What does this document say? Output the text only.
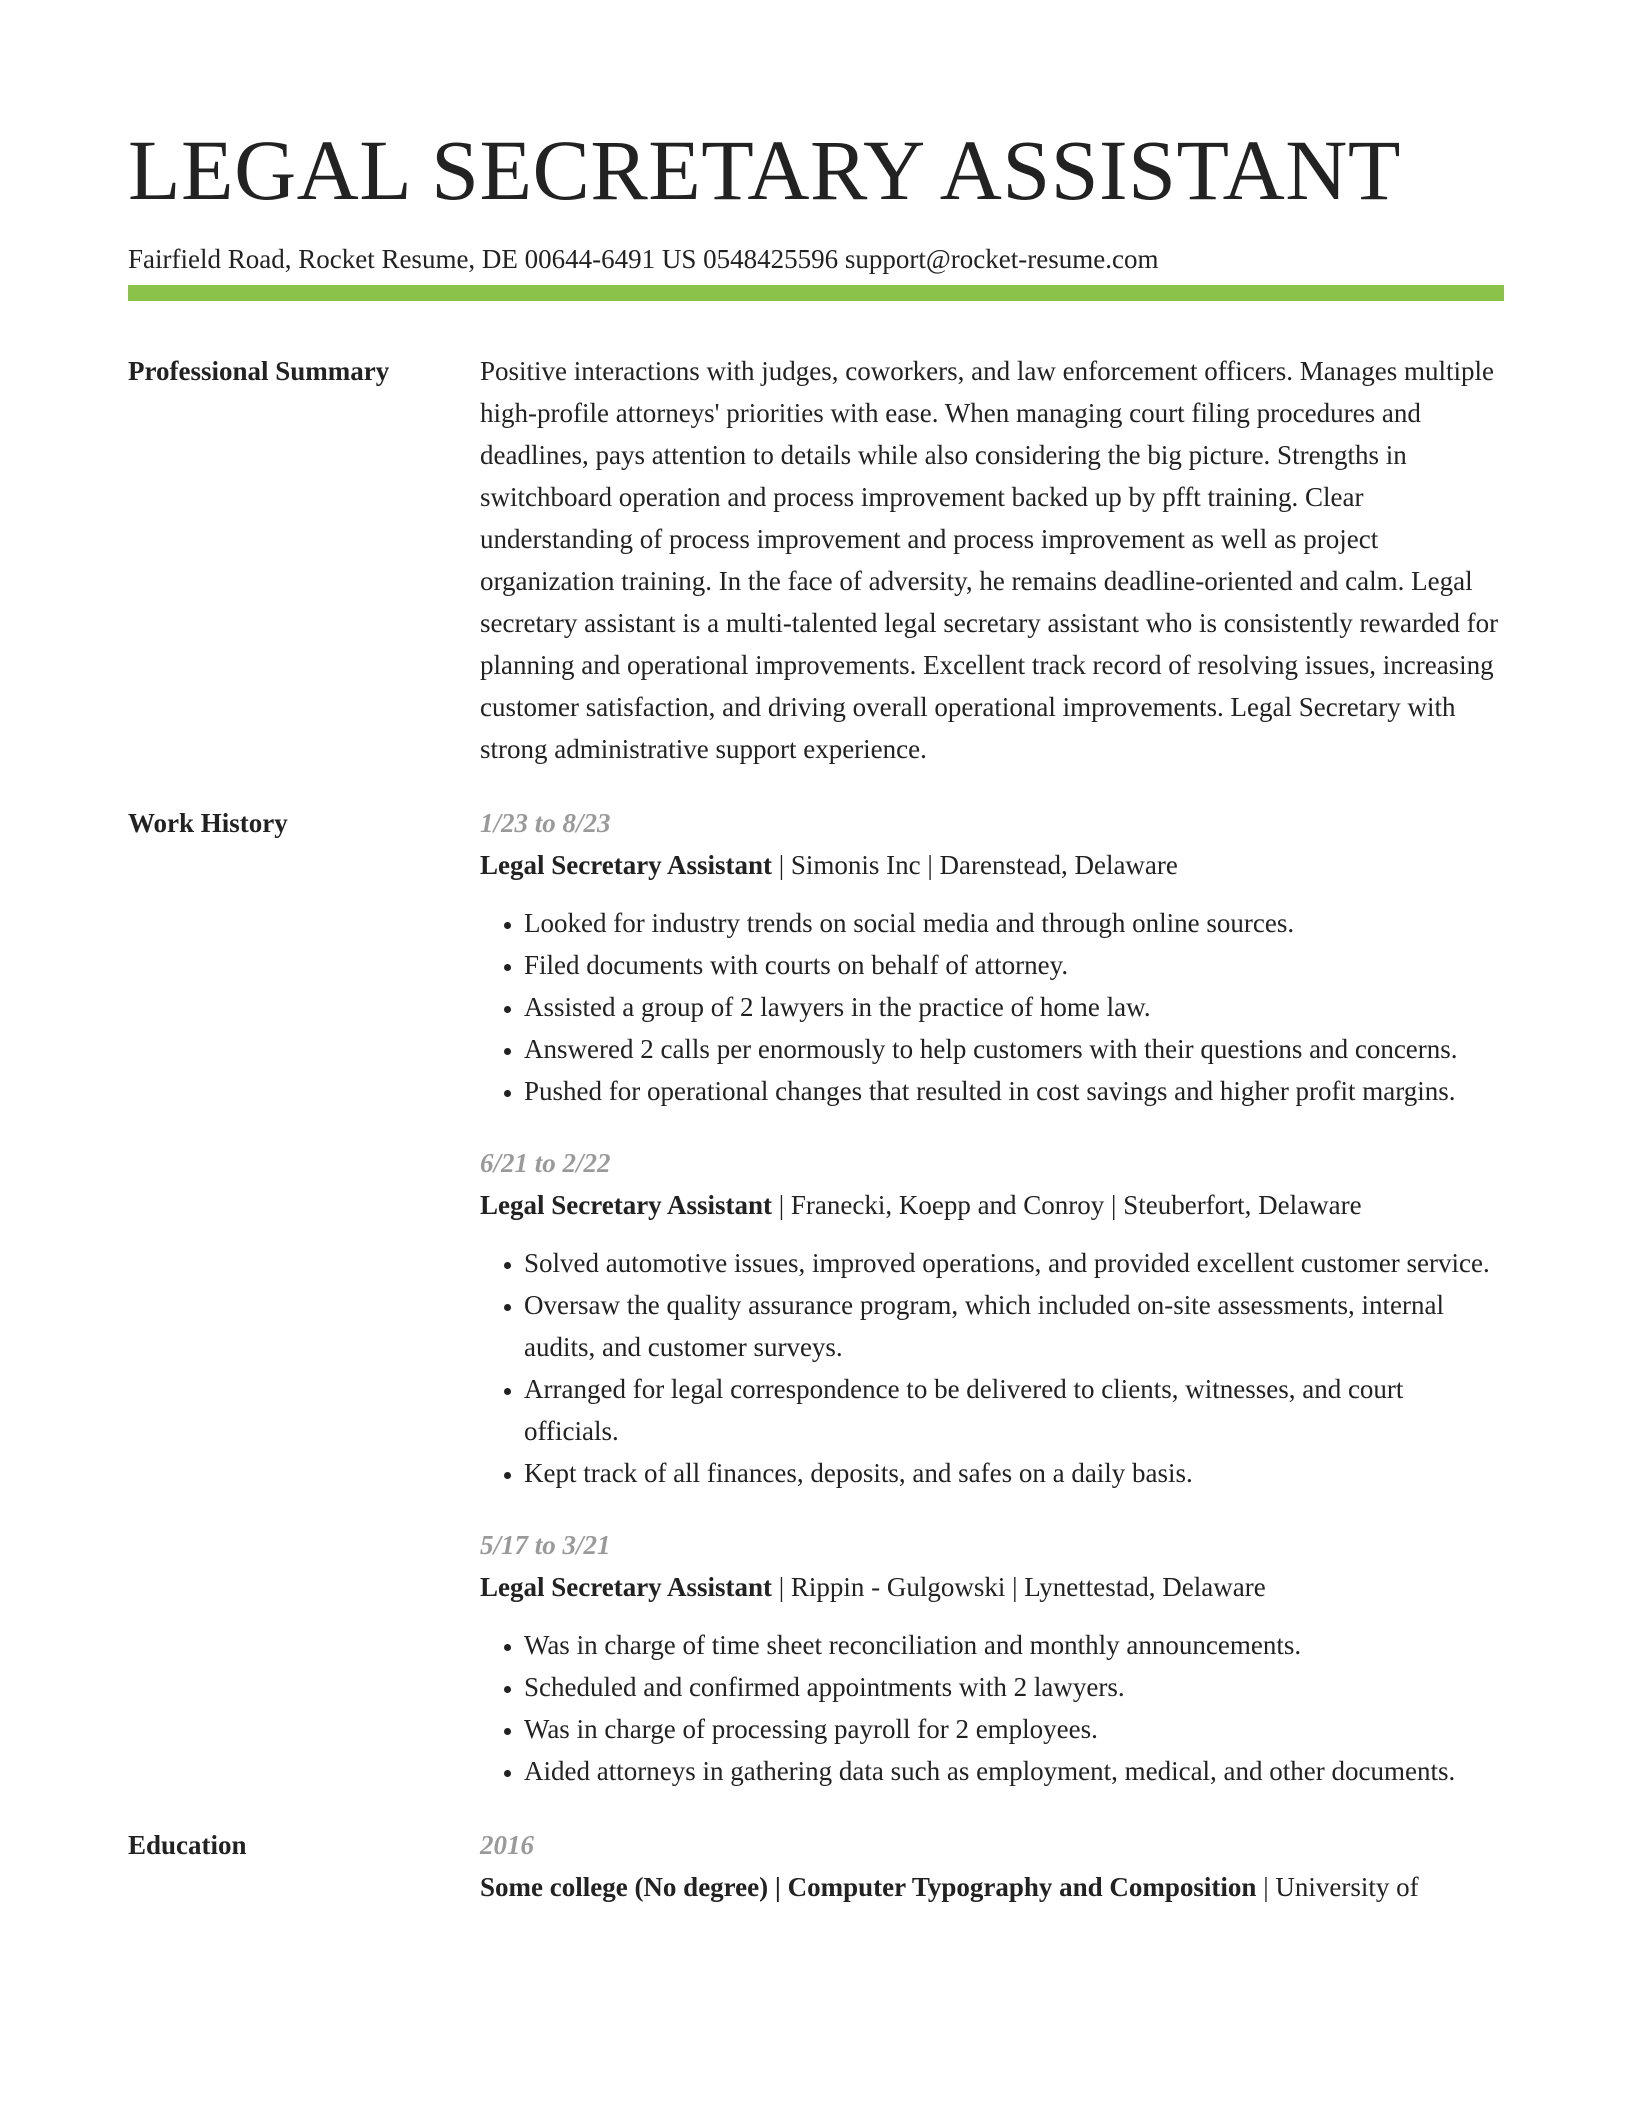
LEGAL SECRETARY ASSISTANT
Fairfield Road, Rocket Resume, DE 00644-6491 US 0548425596 support@rocket-resume.com
Professional Summary	Positive interactions with judges, coworkers, and law enforcement officers. Manages multiple high-profile attorneys' priorities with ease. When managing court filing procedures and deadlines, pays attention to details while also considering the big picture. Strengths in switchboard operation and process improvement backed up by pfft training. Clear understanding of process improvement and process improvement as well as project organization training. In the face of adversity, he remains deadline-oriented and calm. Legal secretary assistant is a multi-talented legal secretary assistant who is consistently rewarded for planning and operational improvements. Excellent track record of resolving issues, increasing customer satisfaction, and driving overall operational improvements. Legal Secretary with strong administrative support experience.

Work History	1/23 to 8/23
Legal Secretary Assistant | Simonis Inc | Darenstead, Delaware
• Looked for industry trends on social media and through online sources.
• Filed documents with courts on behalf of attorney.
• Assisted a group of 2 lawyers in the practice of home law.
• Answered 2 calls per enormously to help customers with their questions and concerns.
• Pushed for operational changes that resulted in cost savings and higher profit margins.
6/21 to 2/22
Legal Secretary Assistant | Franecki, Koepp and Conroy | Steuberfort, Delaware
• Solved automotive issues, improved operations, and provided excellent customer service.
• Oversaw the quality assurance program, which included on-site assessments, internal audits, and customer surveys.
• Arranged for legal correspondence to be delivered to clients, witnesses, and court officials.
• Kept track of all finances, deposits, and safes on a daily basis.
5/17 to 3/21
Legal Secretary Assistant | Rippin - Gulgowski | Lynettestad, Delaware
• Was in charge of time sheet reconciliation and monthly announcements.
• Scheduled and confirmed appointments with 2 lawyers.
• Was in charge of processing payroll for 2 employees.
• Aided attorneys in gathering data such as employment, medical, and other documents.
Education	2016
Some college (No degree) | Computer Typography and Composition | University of
